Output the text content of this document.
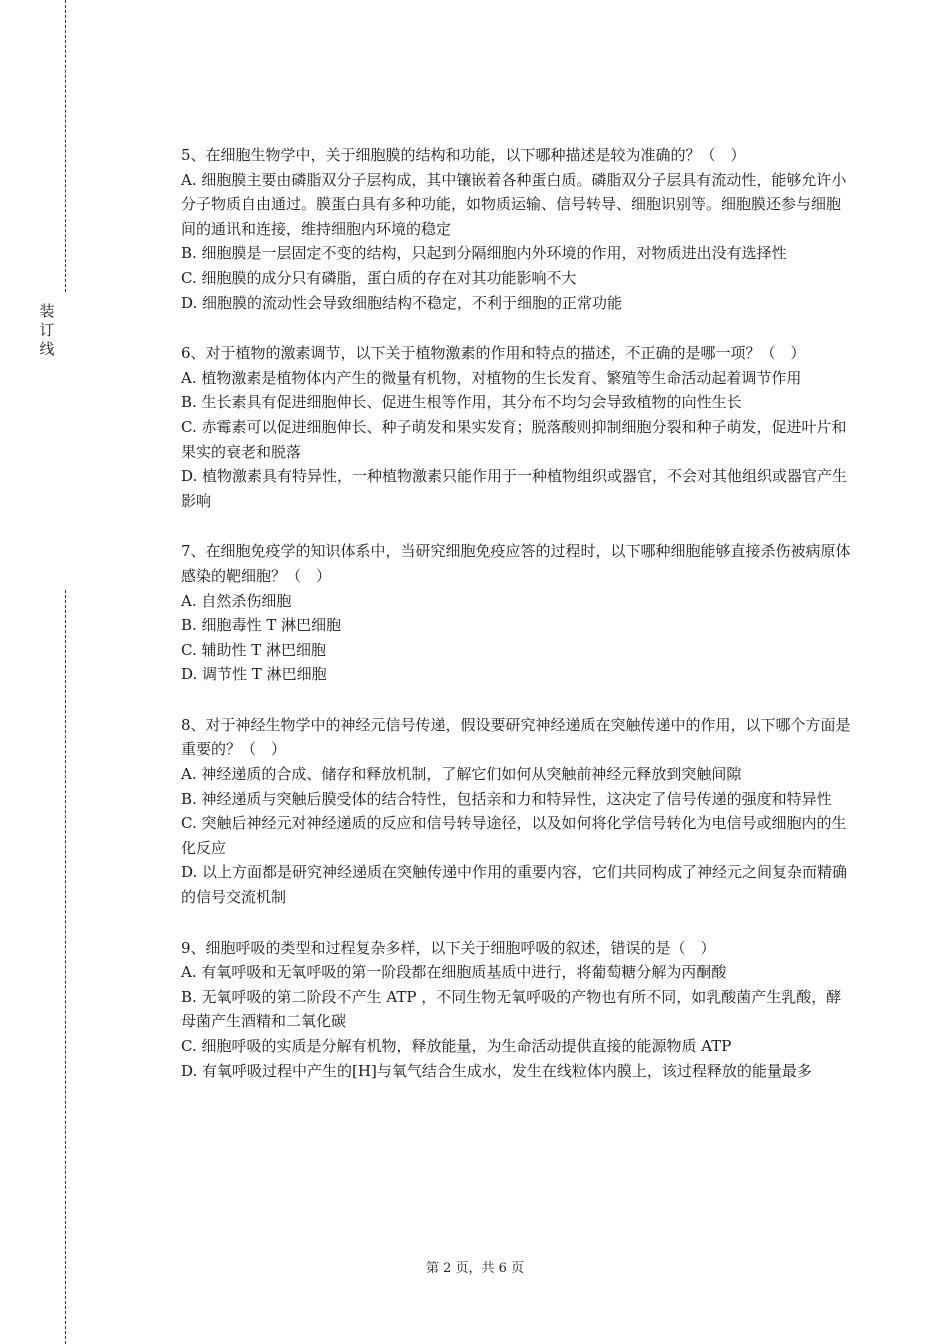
装
订
线

5、在细胞生物学中，关于细胞膜的结构和功能，以下哪种描述是较为准确的？（　）

A. 细胞膜主要由磷脂双分子层构成，其中镶嵌着各种蛋白质。磷脂双分子层具有流动性，能够允许小分子物质自由通过。膜蛋白具有多种功能，如物质运输、信号转导、细胞识别等。细胞膜还参与细胞间的通讯和连接，维持细胞内环境的稳定

B. 细胞膜是一层固定不变的结构，只起到分隔细胞内外环境的作用，对物质进出没有选择性

C. 细胞膜的成分只有磷脂，蛋白质的存在对其功能影响不大

D. 细胞膜的流动性会导致细胞结构不稳定，不利于细胞的正常功能

6、对于植物的激素调节，以下关于植物激素的作用和特点的描述，不正确的是哪一项？（　）

A. 植物激素是植物体内产生的微量有机物，对植物的生长发育、繁殖等生命活动起着调节作用

B. 生长素具有促进细胞伸长、促进生根等作用，其分布不均匀会导致植物的向性生长

C. 赤霉素可以促进细胞伸长、种子萌发和果实发育；脱落酸则抑制细胞分裂和种子萌发，促进叶片和果实的衰老和脱落

D. 植物激素具有特异性，一种植物激素只能作用于一种植物组织或器官，不会对其他组织或器官产生影响

7、在细胞免疫学的知识体系中，当研究细胞免疫应答的过程时，以下哪种细胞能够直接杀伤被病原体感染的靶细胞？（　）

A. 自然杀伤细胞

B. 细胞毒性 T 淋巴细胞

C. 辅助性 T 淋巴细胞

D. 调节性 T 淋巴细胞

8、对于神经生物学中的神经元信号传递，假设要研究神经递质在突触传递中的作用，以下哪个方面是重要的？（　）

A. 神经递质的合成、储存和释放机制，了解它们如何从突触前神经元释放到突触间隙

B. 神经递质与突触后膜受体的结合特性，包括亲和力和特异性，这决定了信号传递的强度和特异性

C. 突触后神经元对神经递质的反应和信号转导途径，以及如何将化学信号转化为电信号或细胞内的生化反应

D. 以上方面都是研究神经递质在突触传递中作用的重要内容，它们共同构成了神经元之间复杂而精确的信号交流机制

9、细胞呼吸的类型和过程复杂多样，以下关于细胞呼吸的叙述，错误的是（　）

A. 有氧呼吸和无氧呼吸的第一阶段都在细胞质基质中进行，将葡萄糖分解为丙酮酸

B. 无氧呼吸的第二阶段不产生 ATP ，不同生物无氧呼吸的产物也有所不同，如乳酸菌产生乳酸，酵母菌产生酒精和二氧化碳

C. 细胞呼吸的实质是分解有机物，释放能量，为生命活动提供直接的能源物质 ATP

D. 有氧呼吸过程中产生的[H]与氧气结合生成水，发生在线粒体内膜上，该过程释放的能量最多

第 2 页，共 6 页
